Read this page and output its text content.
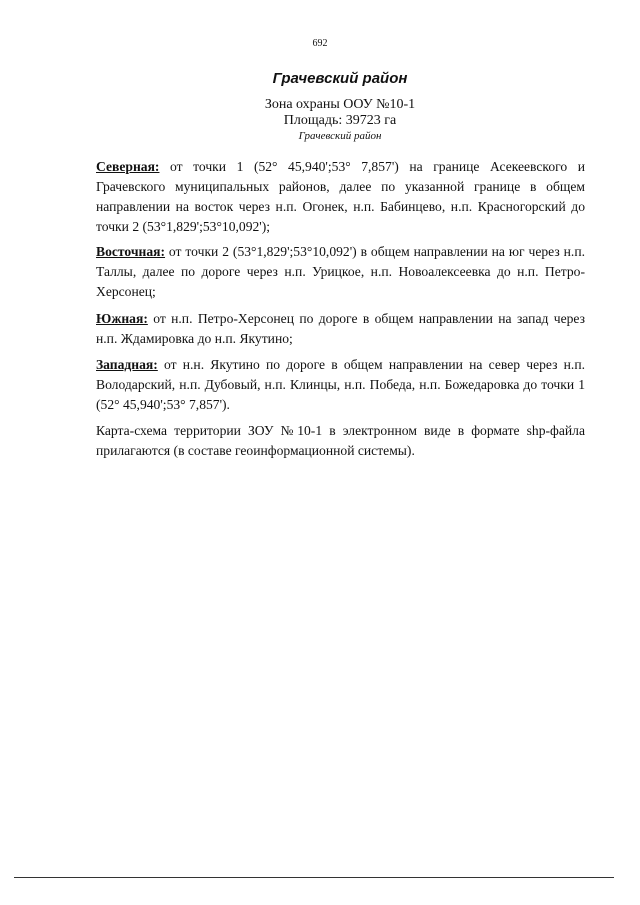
692
Грачевский район
Зона охраны ООУ №10-1
Площадь: 39723 га
Грачевский район

Северная: от точки 1 (52° 45,940';53° 7,857') на границе Асекеевского и Грачевского муниципальных районов, далее по указанной границе в общем направлении на восток через н.п. Огонек, н.п. Бабинцево, н.п. Красногорский до точки 2 (53°1,829';53°10,092');

Восточная: от точки 2 (53°1,829';53°10,092') в общем направлении на юг через н.п. Таллы, далее по дороге через н.п. Урицкое, н.п. Новоалексеевка до н.п. Петро-Херсонец;

Южная: от н.п. Петро-Херсонец по дороге в общем направлении на запад через н.п. Ждамировка до н.п. Якутино;

Западная: от н.н. Якутино по дороге в общем направлении на север через н.п. Володарский, н.п. Дубовый, н.п. Клинцы, н.п. Победа, н.п. Божедаровка до точки 1 (52° 45,940';53° 7,857').

Карта-схема территории ЗОУ №10-1 в электронном виде в формате shp-файла прилагаются (в составе геоинформационной системы).
